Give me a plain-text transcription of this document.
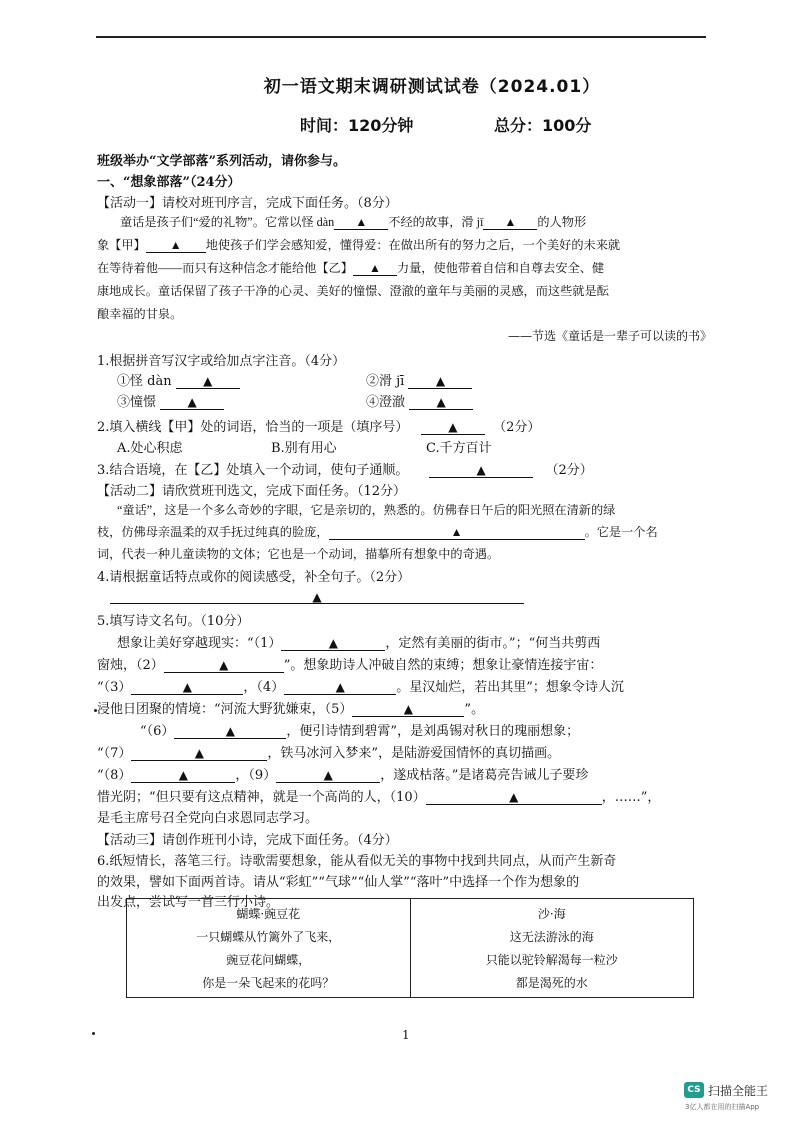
初一语文期末调研测试试卷（2024.01）
时间：120分钟	总分：100分
班级举办“文学部落”系列活动，请你参与。
一、“想象部落”（24分）
【活动一】请校对班刊序言，完成下面任务。（8分）
童话是孩子们“爱的礼物”。它常以怪 dàn ▲ 不经的故事，滑 jī ▲ 的人物形
象【甲】 ▲ 地使孩子们学会感知爱，懂得爱：在做出所有的努力之后，一个美好的未来就
在等待着他——而只有这种信念才能给他【乙】 ▲ 力量，使他带着自信和自尊去安全、健
康地成长。童话保留了孩子干净的心灵、美好的憧憬、澄澈的童年与美丽的灵感，而这些就是酝
酿幸福的甘泉。
——节选《童话是一辈子可以读的书》
1.根据拼音写汉字或给加点字注音。（4分）
①怪 dàn	▲	②滑 jī	▲
③憧憬	▲	④澄澈	▲
2.填入横线【甲】处的词语，恰当的一项是（填序号）	▲	（2分）
A.处心积虑	B.别有用心	C.千方百计
3.结合语境，在【乙】处填入一个动词，使句子通顺。	▲	（2分）
【活动二】请欣赏班刊选文，完成下面任务。（12分）
“童话”，这是一个多么奇妙的字眼，它是亲切的，熟悉的。仿佛春日午后的阳光照在清新的绿
枝，仿佛母亲温柔的双手抚过纯真的脸庞，	▲	。它是一个名
词，代表一种儿童读物的文体；它也是一个动词，描摹所有想象中的奇遇。
4.请根据童话特点或你的阅读感受，补全句子。（2分）
▲
5.填写诗文名句。（10分）
想象让美好穿越现实：“（1）	▲	，定然有美丽的街市。”；“何当共剪西
窗烛，（2）	▲	”。想象助诗人冲破自然的束缚；想象让豪情连接宇宙：
“（3）	▲	，（4）	▲	。星汉灿烂，若出其里”；想象令诗人沉
浸他日团聚的情境：“河流大野犹嫌束，（5）	▲	”。
“（6）	▲	，便引诗情到碧霄”，是刘禹锡对秋日的瑰丽想象；
“（7）	▲	，铁马冰河入梦来”，是陆游爱国情怀的真切描画。
“（8）	▲	，（9）	▲	，遂成枯落。”是诸葛亮告诫儿子要珍
惜光阴；“但只要有这点精神，就是一个高尚的人，（10）	▲	，……”，
是毛主席号召全党向白求恩同志学习。
【活动三】请创作班刊小诗，完成下面任务。（4分）
6.纸短情长，落笔三行。诗歌需要想象，能从看似无关的事物中找到共同点，从而产生新奇
的效果，譬如下面两首诗。请从“彩虹”“气球”“仙人掌”“落叶”中选择一个作为想象的
出发点，尝试写一首三行小诗。
蝴蝶·豌豆花
一只蝴蝶从竹篱外了飞来，
豌豆花问蝴蝶，
你是一朵飞起来的花吗？
沙·海
这无法游泳的海
只能以驼铃解渴每一粒沙
都是渴死的水
1
CS 扫描全能王
3亿人都在用的扫描App
